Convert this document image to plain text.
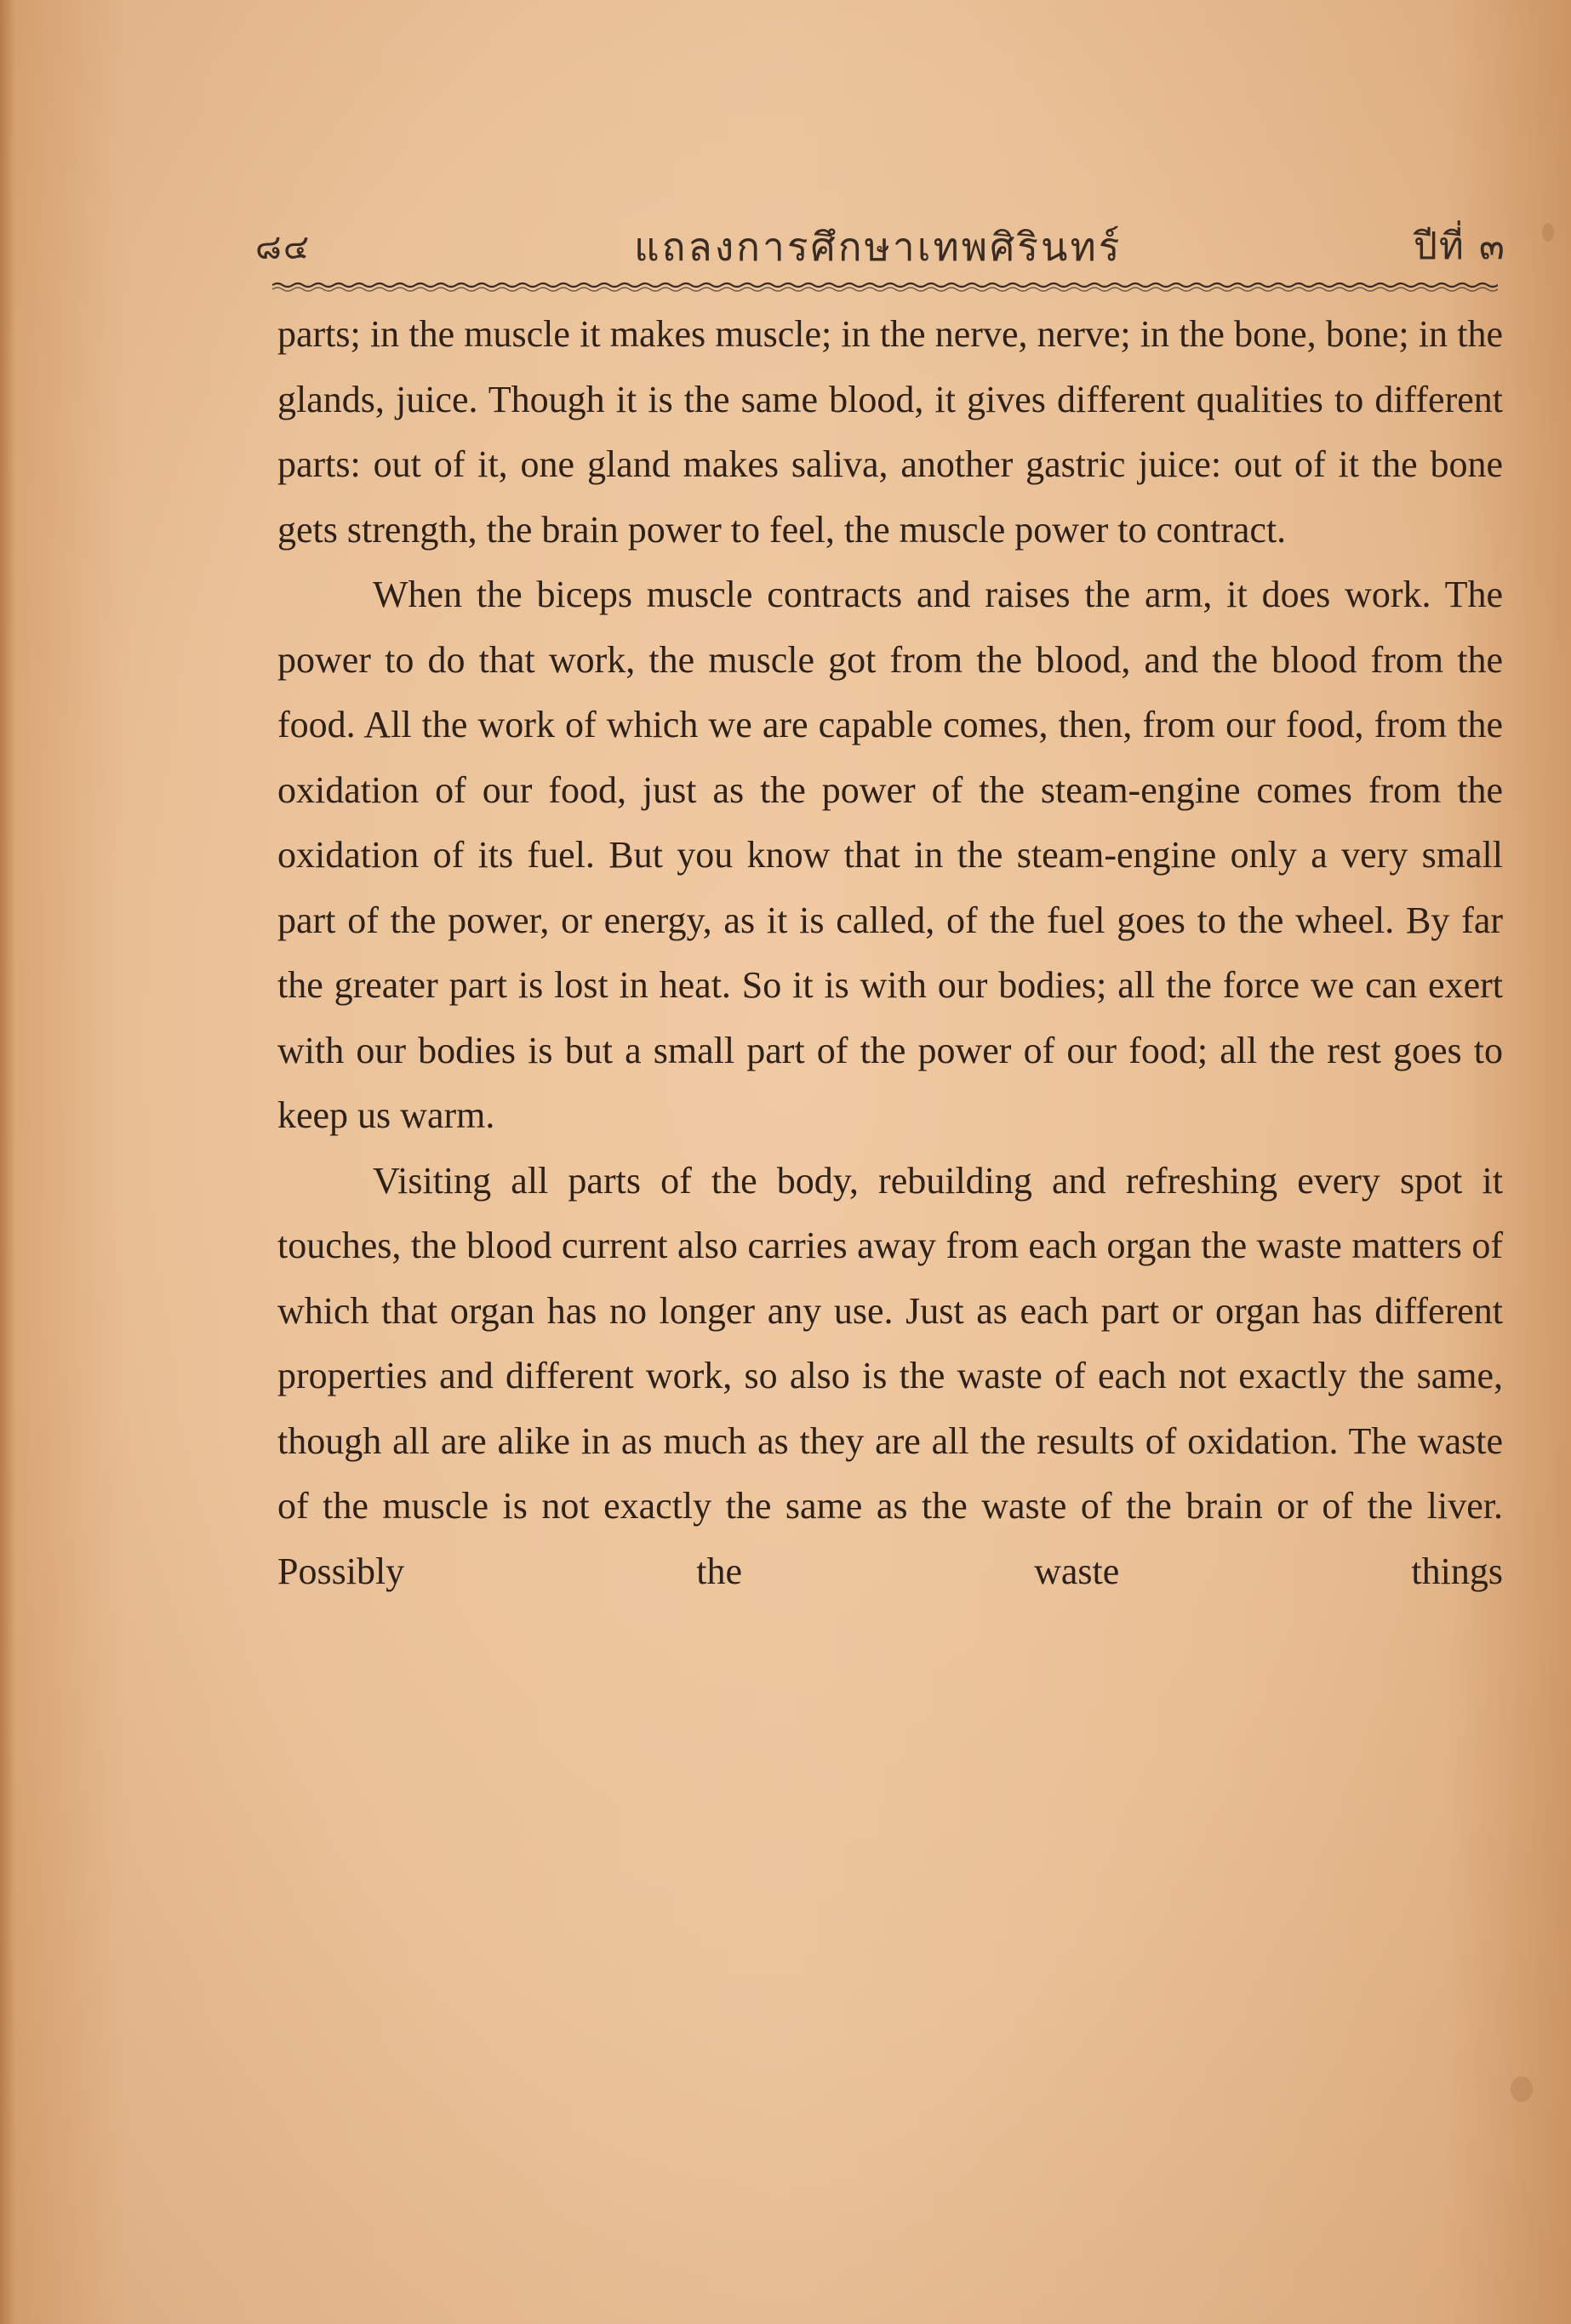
๘๔	แถลงการศึกษาเทพศิรินทร์	ปีที่ ๓

parts; in the muscle it makes muscle; in the nerve, nerve; in the bone, bone; in the glands, juice. Though it is the same blood, it gives different qualities to different parts: out of it, one gland makes saliva, another gastric juice: out of it the bone gets strength, the brain power to feel, the muscle power to contract.

When the biceps muscle contracts and raises the arm, it does work. The power to do that work, the muscle got from the blood, and the blood from the food. All the work of which we are capable comes, then, from our food, from the oxidation of our food, just as the power of the steam-engine comes from the oxidation of its fuel. But you know that in the steam-engine only a very small part of the power, or energy, as it is called, of the fuel goes to the wheel. By far the greater part is lost in heat. So it is with our bodies; all the force we can exert with our bodies is but a small part of the power of our food; all the rest goes to keep us warm.

Visiting all parts of the body, rebuilding and refreshing every spot it touches, the blood current also carries away from each organ the waste matters of which that organ has no longer any use. Just as each part or organ has different properties and different work, so also is the waste of each not exactly the same, though all are alike in as much as they are all the results of oxidation. The waste of the muscle is not exactly the same as the waste of the brain or of the liver. Possibly the waste things
